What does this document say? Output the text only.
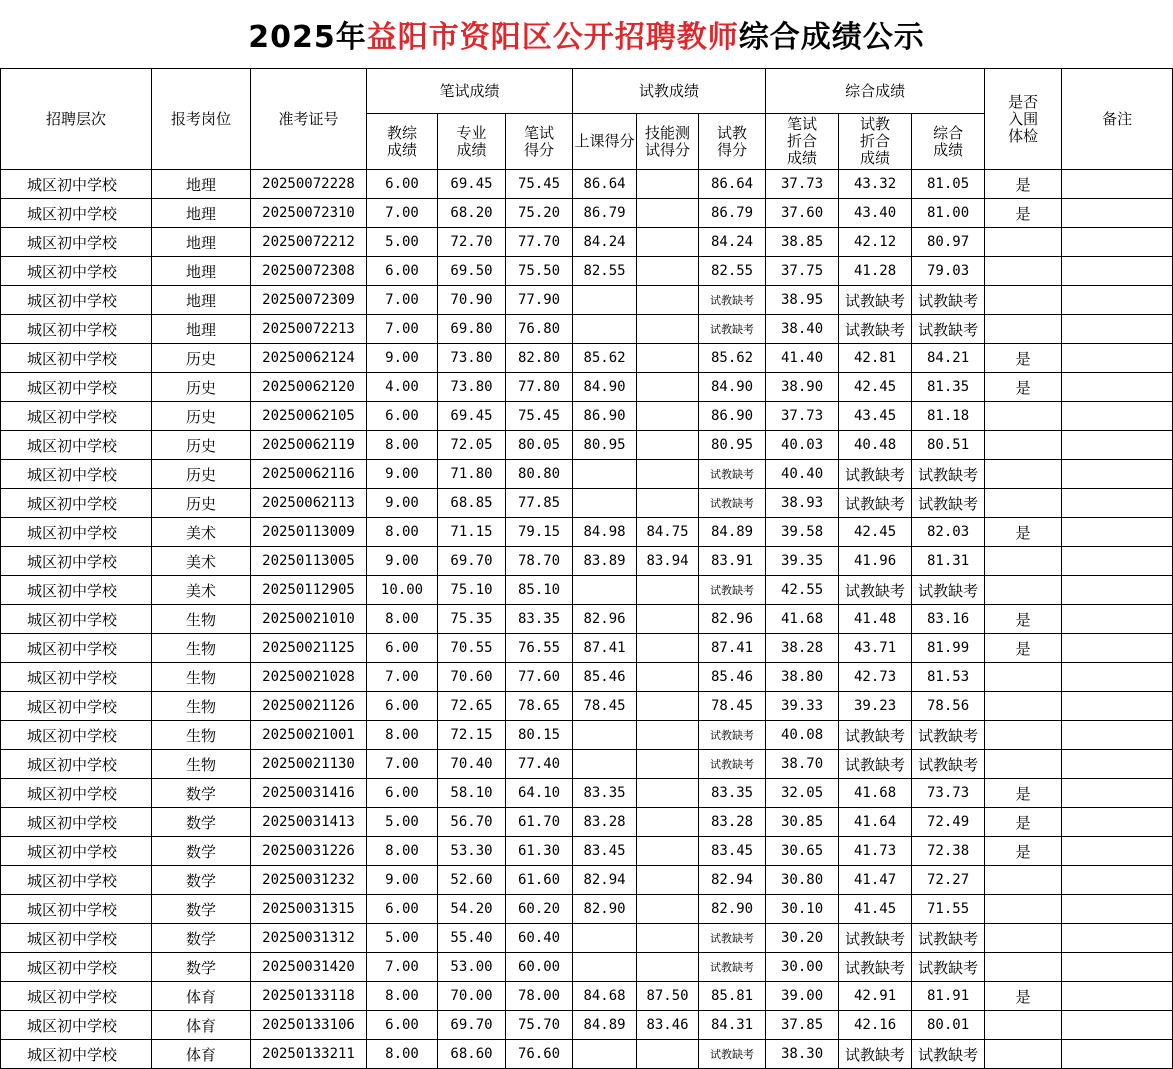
2025年益阳市资阳区公开招聘教师综合成绩公示
招聘层次	报考岗位	准考证号	笔试成绩			试教成绩			综合成绩			是否入围体检	备注

			教综成绩	专业成绩	笔试得分	上课得分	技能测试得分	试教得分	笔试折合成绩	试教折合成绩	综合成绩		

城区初中学校	地理	20250072228	6.00	69.45	75.45	86.64		86.64	37.73	43.32	81.05	是	
城区初中学校	地理	20250072310	7.00	68.20	75.20	86.79		86.79	37.60	43.40	81.00	是	
城区初中学校	地理	20250072212	5.00	72.70	77.70	84.24		84.24	38.85	42.12	80.97		
城区初中学校	地理	20250072308	6.00	69.50	75.50	82.55		82.55	37.75	41.28	79.03		
城区初中学校	地理	20250072309	7.00	70.90	77.90			试教缺考	38.95	试教缺考	试教缺考		
城区初中学校	地理	20250072213	7.00	69.80	76.80			试教缺考	38.40	试教缺考	试教缺考		
城区初中学校	历史	20250062124	9.00	73.80	82.80	85.62		85.62	41.40	42.81	84.21	是	
城区初中学校	历史	20250062120	4.00	73.80	77.80	84.90		84.90	38.90	42.45	81.35	是	
城区初中学校	历史	20250062105	6.00	69.45	75.45	86.90		86.90	37.73	43.45	81.18		
城区初中学校	历史	20250062119	8.00	72.05	80.05	80.95		80.95	40.03	40.48	80.51		
城区初中学校	历史	20250062116	9.00	71.80	80.80			试教缺考	40.40	试教缺考	试教缺考		
城区初中学校	历史	20250062113	9.00	68.85	77.85			试教缺考	38.93	试教缺考	试教缺考		
城区初中学校	美术	20250113009	8.00	71.15	79.15	84.98	84.75	84.89	39.58	42.45	82.03	是	
城区初中学校	美术	20250113005	9.00	69.70	78.70	83.89	83.94	83.91	39.35	41.96	81.31		
城区初中学校	美术	20250112905	10.00	75.10	85.10			试教缺考	42.55	试教缺考	试教缺考		
城区初中学校	生物	20250021010	8.00	75.35	83.35	82.96		82.96	41.68	41.48	83.16	是	
城区初中学校	生物	20250021125	6.00	70.55	76.55	87.41		87.41	38.28	43.71	81.99	是	
城区初中学校	生物	20250021028	7.00	70.60	77.60	85.46		85.46	38.80	42.73	81.53		
城区初中学校	生物	20250021126	6.00	72.65	78.65	78.45		78.45	39.33	39.23	78.56		
城区初中学校	生物	20250021001	8.00	72.15	80.15			试教缺考	40.08	试教缺考	试教缺考		
城区初中学校	生物	20250021130	7.00	70.40	77.40			试教缺考	38.70	试教缺考	试教缺考		
城区初中学校	数学	20250031416	6.00	58.10	64.10	83.35		83.35	32.05	41.68	73.73	是	
城区初中学校	数学	20250031413	5.00	56.70	61.70	83.28		83.28	30.85	41.64	72.49	是	
城区初中学校	数学	20250031226	8.00	53.30	61.30	83.45		83.45	30.65	41.73	72.38	是	
城区初中学校	数学	20250031232	9.00	52.60	61.60	82.94		82.94	30.80	41.47	72.27		
城区初中学校	数学	20250031315	6.00	54.20	60.20	82.90		82.90	30.10	41.45	71.55		
城区初中学校	数学	20250031312	5.00	55.40	60.40			试教缺考	30.20	试教缺考	试教缺考		
城区初中学校	数学	20250031420	7.00	53.00	60.00			试教缺考	30.00	试教缺考	试教缺考		
城区初中学校	体育	20250133118	8.00	70.00	78.00	84.68	87.50	85.81	39.00	42.91	81.91	是	
城区初中学校	体育	20250133106	6.00	69.70	75.70	84.89	83.46	84.31	37.85	42.16	80.01		
城区初中学校	体育	20250133211	8.00	68.60	76.60			试教缺考	38.30	试教缺考	试教缺考		
